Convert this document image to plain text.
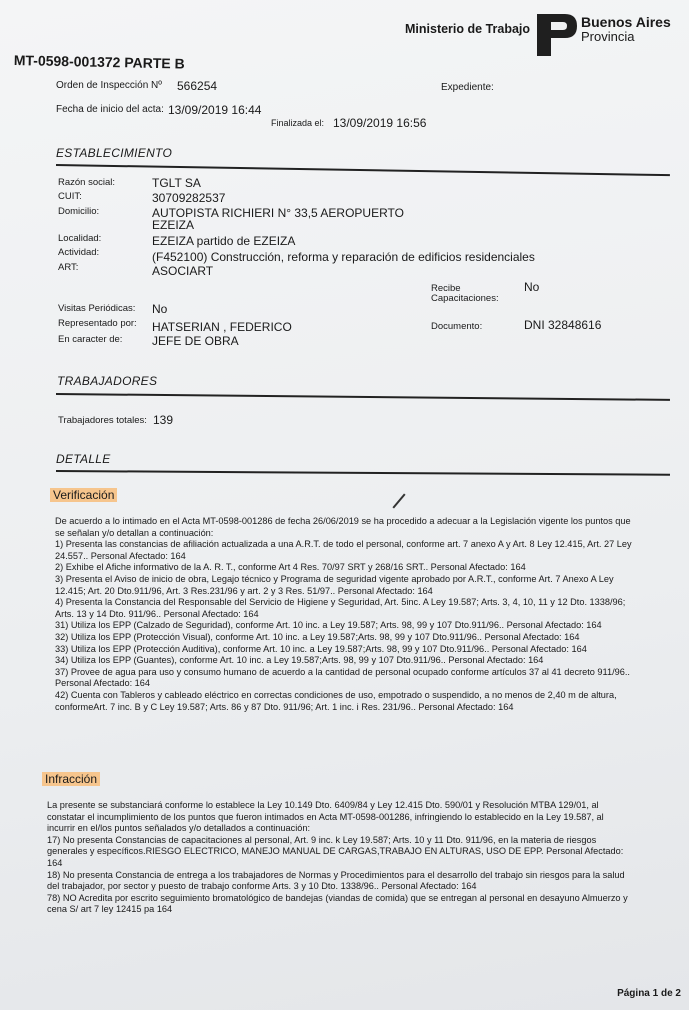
Ministerio de Trabajo	Buenos Aires
Provincia
MT-0598-001372 PARTE B
Orden de Inspección Nº 566254	Expediente:
Fecha de inicio del acta: 13/09/2019 16:44
Finalizada el: 13/09/2019 16:56
ESTABLECIMIENTO
Razón social:	TGLT SA
CUIT:	30709282537
Domicilio:	AUTOPISTA RICHIERI N° 33,5 AEROPUERTO
EZEIZA
Localidad:	EZEIZA partido de EZEIZA
Actividad:	(F452100) Construcción, reforma y reparación de edificios residenciales
ART:	ASOCIART
Recibe
Capacitaciones:
No
Visitas Periódicas: No
Representado por: HATSERIAN , FEDERICO	Documento:	DNI 32848616
En caracter de: JEFE DE OBRA
TRABAJADORES
Trabajadores totales: 139
DETALLE
Verificación
De acuerdo a lo intimado en el Acta MT-0598-001286 de fecha 26/06/2019 se ha procedido a adecuar a la Legislación vigente los puntos que
se señalan y/o detallan a continuación:
1) Presenta las constancias de afiliación actualizada a una A.R.T. de todo el personal, conforme art. 7 anexo A y Art. 8 Ley 12.415, Art. 27 Ley
24.557.. Personal Afectado: 164
2) Exhibe el Afiche informativo de la A. R. T., conforme Art 4 Res. 70/97 SRT y 268/16 SRT.. Personal Afectado: 164
3) Presenta el Aviso de inicio de obra, Legajo técnico y Programa de seguridad vigente aprobado por A.R.T., conforme Art. 7 Anexo A Ley
12.415; Art. 20 Dto.911/96, Art. 3 Res.231/96 y art. 2 y 3 Res. 51/97.. Personal Afectado: 164
4) Presenta la Constancia del Responsable del Servicio de Higiene y Seguridad, Art. 5inc. A Ley 19.587; Arts. 3, 4, 10, 11 y 12 Dto. 1338/96;
Arts. 13 y 14 Dto. 911/96.. Personal Afectado: 164
31) Utiliza los EPP (Calzado de Seguridad), conforme Art. 10 inc. a Ley 19.587; Arts. 98, 99 y 107 Dto.911/96.. Personal Afectado: 164
32) Utiliza los EPP (Protección Visual), conforme Art. 10 inc. a Ley 19.587;Arts. 98, 99 y 107 Dto.911/96.. Personal Afectado: 164
33) Utiliza los EPP (Protección Auditiva), conforme Art. 10 inc. a Ley 19.587;Arts. 98, 99 y 107 Dto.911/96.. Personal Afectado: 164
34) Utiliza los EPP (Guantes), conforme Art. 10 inc. a Ley 19.587;Arts. 98, 99 y 107 Dto.911/96.. Personal Afectado: 164
37) Provee de agua para uso y consumo humano de acuerdo a la cantidad de personal ocupado conforme artículos 37 al 41 decreto 911/96..
Personal Afectado: 164
42) Cuenta con Tableros y cableado eléctrico en correctas condiciones de uso, empotrado o suspendido, a no menos de 2,40 m de altura,
conformeArt. 7 inc. B y C Ley 19.587; Arts. 86 y 87 Dto. 911/96; Art. 1 inc. i Res. 231/96.. Personal Afectado: 164
Infracción
La presente se substanciará conforme lo establece la Ley 10.149 Dto. 6409/84 y Ley 12.415 Dto. 590/01 y Resolución MTBA 129/01, al
constatar el incumplimiento de los puntos que fueron intimados en Acta MT-0598-001286, infringiendo lo establecido en la Ley 19.587, al
incurrir en el/los puntos señalados y/o detallados a continuación:
17) No presenta Constancias de capacitaciones al personal, Art. 9 inc. k Ley 19.587; Arts. 10 y 11 Dto. 911/96, en la materia de riesgos
generales y específicos.RIESGO ELECTRICO, MANEJO MANUAL DE CARGAS,TRABAJO EN ALTURAS, USO DE EPP. Personal Afectado:
164
18) No presenta Constancia de entrega a los trabajadores de Normas y Procedimientos para el desarrollo del trabajo sin riesgos para la salud
del trabajador, por sector y puesto de trabajo conforme Arts. 3 y 10 Dto. 1338/96.. Personal Afectado: 164
78) NO Acredita por escrito seguimiento bromatológico de bandejas (viandas de comida) que se entregan al personal en desayuno Almuerzo y
cena S/ art 7 ley 12415 pa 164
Página 1 de 2
